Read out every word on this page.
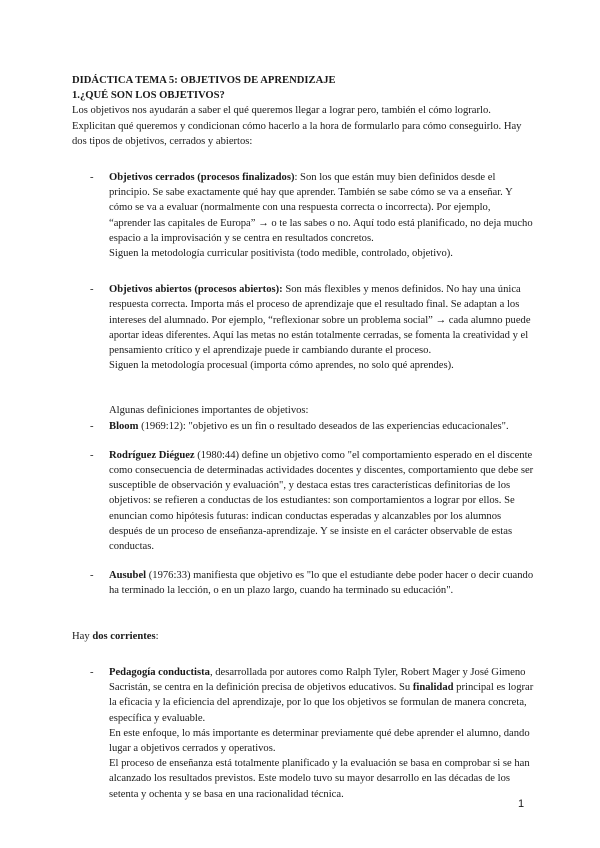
DIDÁCTICA TEMA 5: OBJETIVOS DE APRENDIZAJE

1.¿QUÉ SON LOS OBJETIVOS?

Los objetivos nos ayudarán a saber el qué queremos llegar a lograr pero, también el cómo lograrlo. Explicitan qué queremos y condicionan cómo hacerlo a la hora de formularlo para cómo conseguirlo. Hay dos tipos de objetivos, cerrados y abiertos:

- Objetivos cerrados (procesos finalizados): Son los que están muy bien definidos desde el principio. Se sabe exactamente qué hay que aprender. También se sabe cómo se va a enseñar. Y cómo se va a evaluar (normalmente con una respuesta correcta o incorrecta). Por ejemplo, “aprender las capitales de Europa” → o te las sabes o no. Aquí todo está planificado, no deja mucho espacio a la improvisación y se centra en resultados concretos.

Siguen la metodología curricular positivista (todo medible, controlado, objetivo).

- Objetivos abiertos (procesos abiertos): Son más flexibles y menos definidos. No hay una única respuesta correcta. Importa más el proceso de aprendizaje que el resultado final. Se adaptan a los intereses del alumnado. Por ejemplo, “reflexionar sobre un problema social” → cada alumno puede aportar ideas diferentes. Aquí las metas no están totalmente cerradas, se fomenta la creatividad y el pensamiento crítico y el aprendizaje puede ir cambiando durante el proceso.

Siguen la metodología procesual (importa cómo aprendes, no solo qué aprendes).

Algunas definiciones importantes de objetivos:

- Bloom (1969:12): "objetivo es un fin o resultado deseados de las experiencias educacionales".

- Rodríguez Diéguez (1980:44) define un objetivo como "el comportamiento esperado en el discente como consecuencia de determinadas actividades docentes y discentes, comportamiento que debe ser susceptible de observación y evaluación", y destaca estas tres características definitorias de los objetivos: se refieren a conductas de los estudiantes: son comportamientos a lograr por ellos. Se enuncian como hipótesis futuras: indican conductas esperadas y alcanzables por los alumnos después de un proceso de enseñanza-aprendizaje. Y se insiste en el carácter observable de estas conductas.

- Ausubel (1976:33) manifiesta que objetivo es "lo que el estudiante debe poder hacer o decir cuando ha terminado la lección, o en un plazo largo, cuando ha terminado su educación".

Hay dos corrientes:

- Pedagogía conductista, desarrollada por autores como Ralph Tyler, Robert Mager y José Gimeno Sacristán, se centra en la definición precisa de objetivos educativos. Su finalidad principal es lograr la eficacia y la eficiencia del aprendizaje, por lo que los objetivos se formulan de manera concreta, específica y evaluable.

En este enfoque, lo más importante es determinar previamente qué debe aprender el alumno, dando lugar a objetivos cerrados y operativos.

El proceso de enseñanza está totalmente planificado y la evaluación se basa en comprobar si se han alcanzado los resultados previstos. Este modelo tuvo su mayor desarrollo en las décadas de los setenta y ochenta y se basa en una racionalidad técnica.

1
